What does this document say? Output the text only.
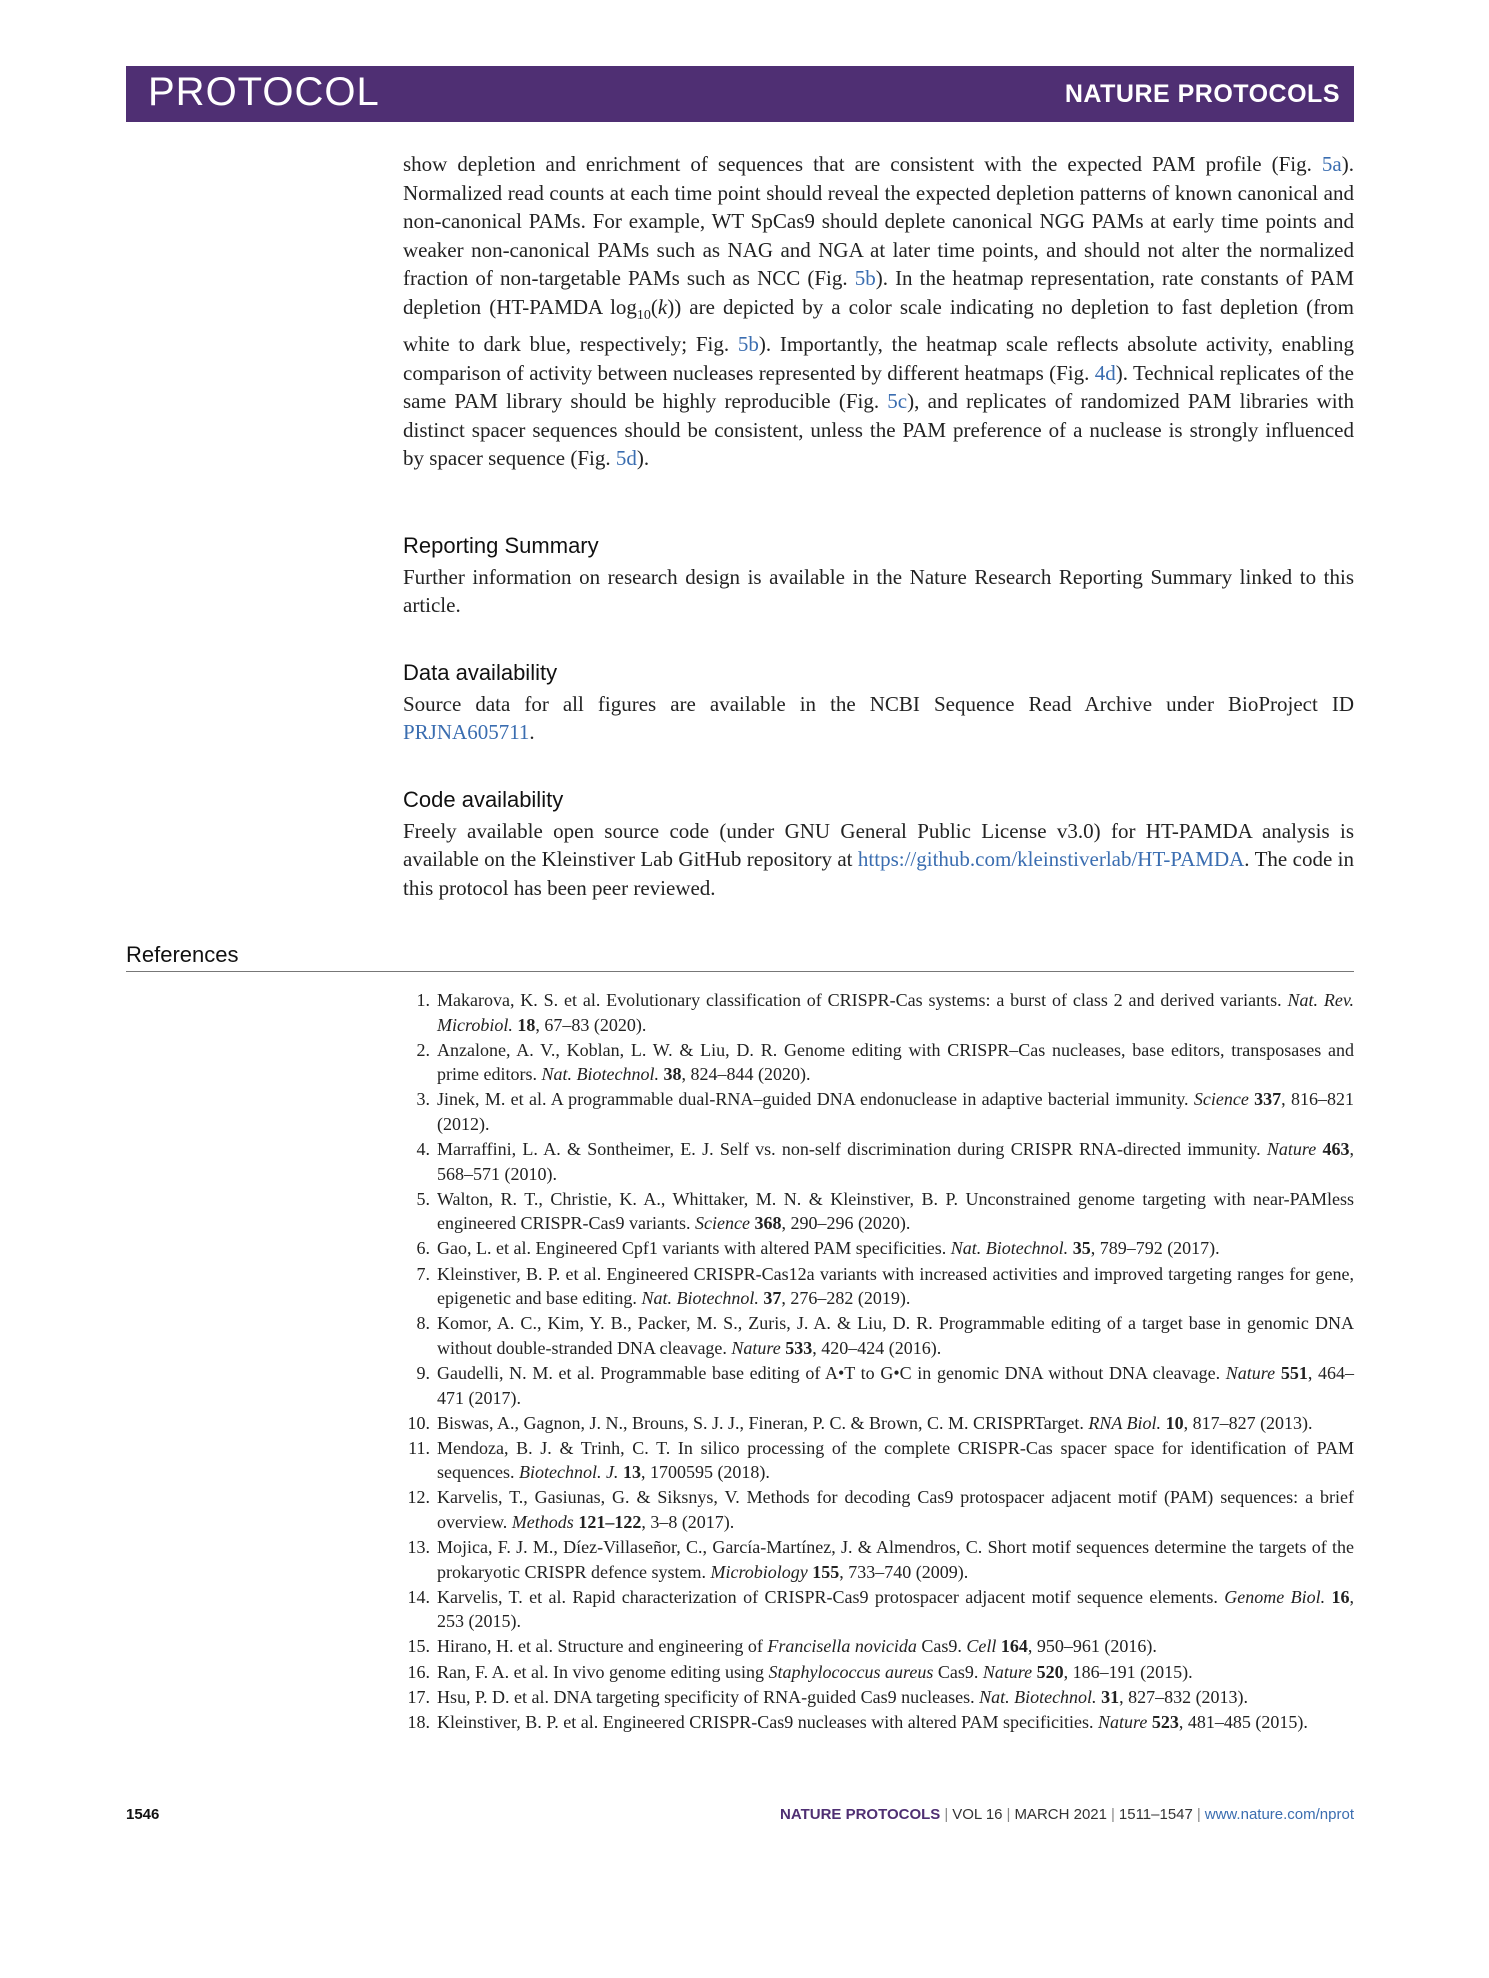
PROTOCOL	NATURE PROTOCOLS

show depletion and enrichment of sequences that are consistent with the expected PAM profile (Fig. 5a). Normalized read counts at each time point should reveal the expected depletion patterns of known canonical and non-canonical PAMs. For example, WT SpCas9 should deplete canonical NGG PAMs at early time points and weaker non-canonical PAMs such as NAG and NGA at later time points, and should not alter the normalized fraction of non-targetable PAMs such as NCC (Fig. 5b). In the heatmap representation, rate constants of PAM depletion (HT-PAMDA $\log_{10}(k)$) are depicted by a color scale indicating no depletion to fast depletion (from white to dark blue, respectively; Fig. 5b). Importantly, the heatmap scale reflects absolute activity, enabling comparison of activity between nucleases represented by different heatmaps (Fig. 4d). Technical replicates of the same PAM library should be highly reproducible (Fig. 5c), and replicates of randomized PAM libraries with distinct spacer sequences should be consistent, unless the PAM preference of a nuclease is strongly influenced by spacer sequence (Fig. 5d).

Reporting Summary

Further information on research design is available in the Nature Research Reporting Summary linked to this article.

Data availability

Source data for all figures are available in the NCBI Sequence Read Archive under BioProject ID PRJNA605711.

Code availability

Freely available open source code (under GNU General Public License v3.0) for HT-PAMDA analysis is available on the Kleinstiver Lab GitHub repository at https://github.com/kleinstiverlab/HT-PAMDA. The code in this protocol has been peer reviewed.

References
1. Makarova, K. S. et al. Evolutionary classification of CRISPR-Cas systems: a burst of class 2 and derived variants. Nat. Rev. Microbiol. 18, 67–83 (2020).
2. Anzalone, A. V., Koblan, L. W. & Liu, D. R. Genome editing with CRISPR–Cas nucleases, base editors, transposases and prime editors. Nat. Biotechnol. 38, 824–844 (2020).
3. Jinek, M. et al. A programmable dual-RNA–guided DNA endonuclease in adaptive bacterial immunity. Science 337, 816–821 (2012).
4. Marraffini, L. A. & Sontheimer, E. J. Self vs. non-self discrimination during CRISPR RNA-directed immunity. Nature 463, 568–571 (2010).
5. Walton, R. T., Christie, K. A., Whittaker, M. N. & Kleinstiver, B. P. Unconstrained genome targeting with near-PAMless engineered CRISPR-Cas9 variants. Science 368, 290–296 (2020).
6. Gao, L. et al. Engineered Cpf1 variants with altered PAM specificities. Nat. Biotechnol. 35, 789–792 (2017).
7. Kleinstiver, B. P. et al. Engineered CRISPR-Cas12a variants with increased activities and improved targeting ranges for gene, epigenetic and base editing. Nat. Biotechnol. 37, 276–282 (2019).
8. Komor, A. C., Kim, Y. B., Packer, M. S., Zuris, J. A. & Liu, D. R. Programmable editing of a target base in genomic DNA without double-stranded DNA cleavage. Nature 533, 420–424 (2016).
9. Gaudelli, N. M. et al. Programmable base editing of A•T to G•C in genomic DNA without DNA cleavage. Nature 551, 464–471 (2017).
10. Biswas, A., Gagnon, J. N., Brouns, S. J. J., Fineran, P. C. & Brown, C. M. CRISPRTarget. RNA Biol. 10, 817–827 (2013).
11. Mendoza, B. J. & Trinh, C. T. In silico processing of the complete CRISPR-Cas spacer space for identification of PAM sequences. Biotechnol. J. 13, 1700595 (2018).
12. Karvelis, T., Gasiunas, G. & Siksnys, V. Methods for decoding Cas9 protospacer adjacent motif (PAM) sequences: a brief overview. Methods 121–122, 3–8 (2017).
13. Mojica, F. J. M., Díez-Villaseñor, C., García-Martínez, J. & Almendros, C. Short motif sequences determine the targets of the prokaryotic CRISPR defence system. Microbiology 155, 733–740 (2009).
14. Karvelis, T. et al. Rapid characterization of CRISPR-Cas9 protospacer adjacent motif sequence elements. Genome Biol. 16, 253 (2015).
15. Hirano, H. et al. Structure and engineering of Francisella novicida Cas9. Cell 164, 950–961 (2016).
16. Ran, F. A. et al. In vivo genome editing using Staphylococcus aureus Cas9. Nature 520, 186–191 (2015).
17. Hsu, P. D. et al. DNA targeting specificity of RNA-guided Cas9 nucleases. Nat. Biotechnol. 31, 827–832 (2013).
18. Kleinstiver, B. P. et al. Engineered CRISPR-Cas9 nucleases with altered PAM specificities. Nature 523, 481–485 (2015).
1546	NATURE PROTOCOLS | VOL 16 | MARCH 2021 | 1511–1547 | www.nature.com/nprot
